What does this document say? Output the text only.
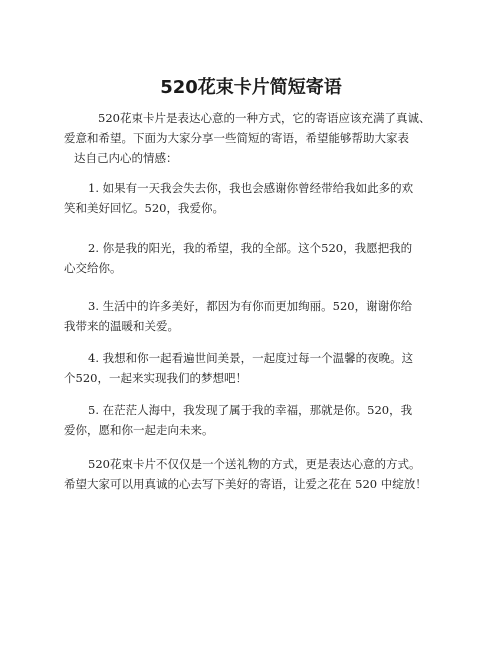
520花束卡片简短寄语
520花束卡片是表达心意的一种方式，它的寄语应该充满了真诚、
爱意和希望。下面为大家分享一些简短的寄语，希望能够帮助大家表
达自己内心的情感：
1. 如果有一天我会失去你，我也会感谢你曾经带给我如此多的欢
笑和美好回忆。520，我爱你。
2. 你是我的阳光，我的希望，我的全部。这个520，我愿把我的
心交给你。
3. 生活中的许多美好，都因为有你而更加绚丽。520，谢谢你给
我带来的温暖和关爱。
4. 我想和你一起看遍世间美景，一起度过每一个温馨的夜晚。这
个520，一起来实现我们的梦想吧！
5. 在茫茫人海中，我发现了属于我的幸福，那就是你。520，我
爱你，愿和你一起走向未来。
520花束卡片不仅仅是一个送礼物的方式，更是表达心意的方式。
希望大家可以用真诚的心去写下美好的寄语，让爱之花在 520 中绽放！
